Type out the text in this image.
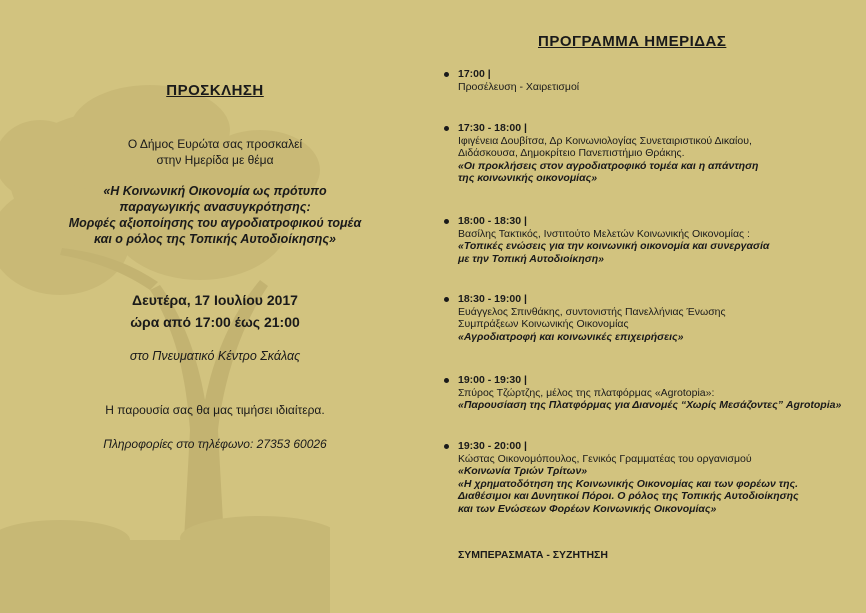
ΠΡΟΣΚΛΗΣΗ
Ο Δήμος Ευρώτα σας προσκαλεί
στην Ημερίδα με θέμα
«Η Κοινωνική Οικονομία ως πρότυπο
παραγωγικής ανασυγκρότησης:
Μορφές αξιοποίησης του αγροδιατροφικού τομέα
και ο ρόλος της Τοπικής Αυτοδιοίκησης»
Δευτέρα, 17 Ιουλίου 2017
ώρα από 17:00 έως 21:00
στο Πνευματικό Κέντρο Σκάλας
Η παρουσία σας θα μας τιμήσει ιδιαίτερα.
Πληροφορίες στο τηλέφωνο: 27353 60026
ΠΡΟΓΡΑΜΜΑ ΗΜΕΡΙΔΑΣ
17:00 |
Προσέλευση - Χαιρετισμοί
17:30 - 18:00 |
Ιφιγένεια Δουβίτσα, Δρ Κοινωνιολογίας Συνεταιριστικού Δικαίου,
Διδάσκουσα, Δημοκρίτειο Πανεπιστήμιο Θράκης.
«Οι προκλήσεις στον αγροδιατροφικό τομέα και η απάντηση
της κοινωνικής οικονομίας»
18:00 - 18:30 |
Βασίλης Τακτικός, Ινστιτούτο Μελετών Κοινωνικής Οικονομίας :
«Τοπικές ενώσεις για την κοινωνική οικονομία και συνεργασία
με την Τοπική Αυτοδιοίκηση»
18:30 - 19:00 |
Ευάγγελος Σπινθάκης, συντονιστής Πανελλήνιας Ένωσης
Συμπράξεων Κοινωνικής Οικονομίας
«Αγροδιατροφή και κοινωνικές επιχειρήσεις»
19:00 - 19:30 |
Σπύρος Τζώρτζης, μέλος της πλατφόρμας «Agrotopia»:
«Παρουσίαση της Πλατφόρμας για Διανομές “Χωρίς Μεσάζοντες” Agrotopia»
19:30 - 20:00 |
Κώστας Οικονομόπουλος, Γενικός Γραμματέας του οργανισμού
«Κοινωνία Τριών Τρίτων»
«Η χρηματοδότηση της Κοινωνικής Οικονομίας και των φορέων της.
Διαθέσιμοι και Δυνητικοί Πόροι. Ο ρόλος της Τοπικής Αυτοδιοίκησης
και των Ενώσεων Φορέων Κοινωνικής Οικονομίας»
ΣΥΜΠΕΡΑΣΜΑΤΑ - ΣΥΖΗΤΗΣΗ
